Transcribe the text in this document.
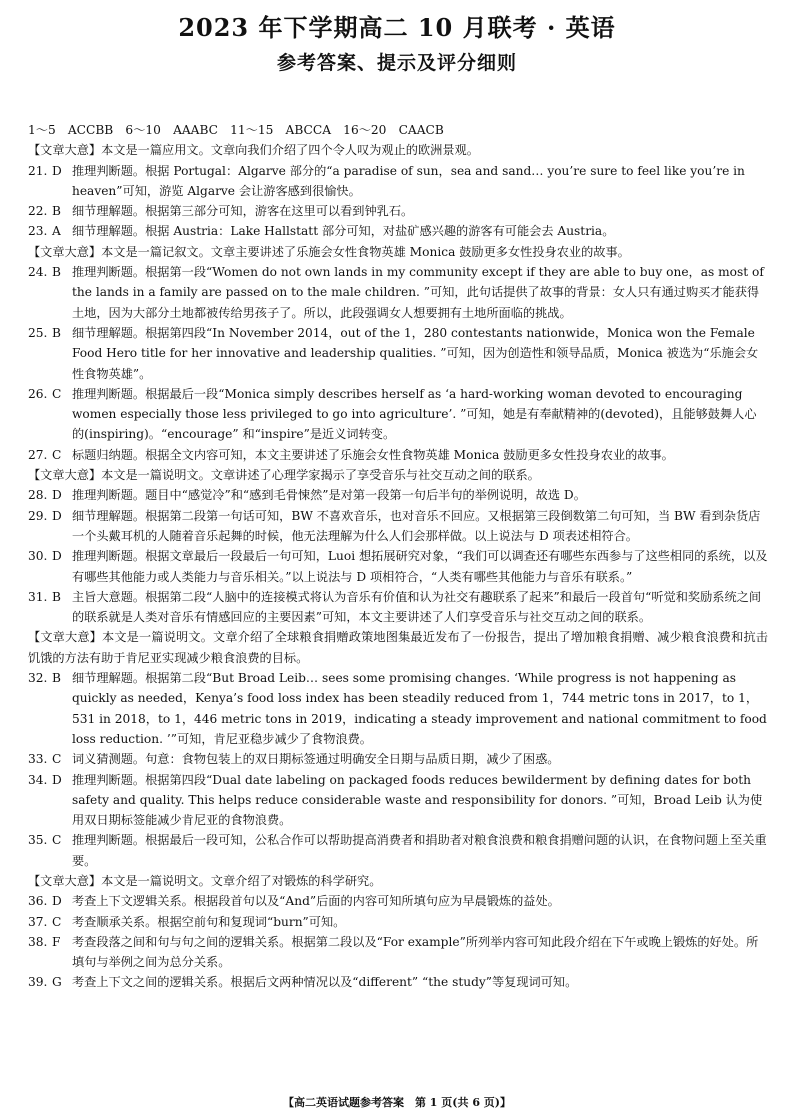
2023 年下学期高二 10 月联考 · 英语
参考答案、提示及评分细则

1～5　ACCBB　6～10　AAABC　11～15　ABCCA　16～20　CAACB

【文章大意】本文是一篇应用文。文章向我们介绍了四个令人叹为观止的欧洲景观。

21. D 推理判断题。根据 Portugal：Algarve 部分的“a paradise of sun，sea and sand… you’re sure to feel like you’re in heaven”可知，游览 Algarve 会让游客感到很愉快。
22. B 细节理解题。根据第三部分可知，游客在这里可以看到钟乳石。
23. A 细节理解题。根据 Austria：Lake Hallstatt 部分可知，对盐矿感兴趣的游客有可能会去 Austria。

【文章大意】本文是一篇记叙文。文章主要讲述了乐施会女性食物英雄 Monica 鼓励更多女性投身农业的故事。

24. B 推理判断题。根据第一段“Women do not own lands in my community except if they are able to buy one，as most of the lands in a family are passed on to the male children. ”可知，此句话提供了故事的背景：女人只有通过购买才能获得土地，因为大部分土地都被传给男孩子了。所以，此段强调女人想要拥有土地所面临的挑战。
25. B 细节理解题。根据第四段“In November 2014，out of the 1，280 contestants nationwide，Monica won the Female Food Hero title for her innovative and leadership qualities. ”可知，因为创造性和领导品质，Monica 被选为“乐施会女性食物英雄”。
26. C 推理判断题。根据最后一段“Monica simply describes herself as ‘a hard-working woman devoted to encouraging women especially those less privileged to go into agriculture’. ”可知，她是有奉献精神的(devoted)，且能够鼓舞人心的(inspiring)。“encourage” 和“inspire”是近义词转变。
27. C 标题归纳题。根据全文内容可知，本文主要讲述了乐施会女性食物英雄 Monica 鼓励更多女性投身农业的故事。

【文章大意】本文是一篇说明文。文章讲述了心理学家揭示了享受音乐与社交互动之间的联系。

28. D 推理判断题。题目中“感觉冷”和“感到毛骨悚然”是对第一段第一句后半句的举例说明，故选 D。
29. D 细节理解题。根据第二段第一句话可知，BW 不喜欢音乐，也对音乐不回应。又根据第三段倒数第二句可知，当 BW 看到杂货店一个头戴耳机的人随着音乐起舞的时候，他无法理解为什么人们会那样做。以上说法与 D 项表述相符合。
30. D 推理判断题。根据文章最后一段最后一句可知，Luoi 想拓展研究对象，“我们可以调查还有哪些东西参与了这些相同的系统，以及有哪些其他能力或人类能力与音乐相关。”以上说法与 D 项相符合，“人类有哪些其他能力与音乐有联系。”
31. B 主旨大意题。根据第二段“人脑中的连接模式将认为音乐有价值和认为社交有趣联系了起来”和最后一段首句“听觉和奖励系统之间的联系就是人类对音乐有情感回应的主要因素”可知，本文主要讲述了人们享受音乐与社交互动之间的联系。

【文章大意】本文是一篇说明文。文章介绍了全球粮食捐赠政策地图集最近发布了一份报告，提出了增加粮食捐赠、减少粮食浪费和抗击饥饿的方法有助于肯尼亚实现减少粮食浪费的目标。

32. B 细节理解题。根据第二段“But Broad Leib… sees some promising changes. ‘While progress is not happening as quickly as needed，Kenya’s food loss index has been steadily reduced from 1，744 metric tons in 2017，to 1，531 in 2018，to 1，446 metric tons in 2019，indicating a steady improvement and national commitment to food loss reduction. ’”可知，肯尼亚稳步减少了食物浪费。
33. C 词义猜测题。句意：食物包装上的双日期标签通过明确安全日期与品质日期，减少了困惑。
34. D 推理判断题。根据第四段“Dual date labeling on packaged foods reduces bewilderment by defining dates for both safety and quality. This helps reduce considerable waste and responsibility for donors. ”可知，Broad Leib 认为使用双日期标签能减少肯尼亚的食物浪费。
35. C 推理判断题。根据最后一段可知，公私合作可以帮助提高消费者和捐助者对粮食浪费和粮食捐赠问题的认识，在食物问题上至关重要。

【文章大意】本文是一篇说明文。文章介绍了对锻炼的科学研究。

36. D 考查上下文逻辑关系。根据段首句以及“And”后面的内容可知所填句应为早晨锻炼的益处。
37. C 考查顺承关系。根据空前句和复现词“burn”可知。
38. F 考查段落之间和句与句之间的逻辑关系。根据第二段以及“For example”所列举内容可知此段介绍在下午或晚上锻炼的好处。所填句与举例之间为总分关系。
39. G 考查上下文之间的逻辑关系。根据后文两种情况以及“different” “the study”等复现词可知。
【高二英语试题参考答案　第 1 页(共 6 页)】
